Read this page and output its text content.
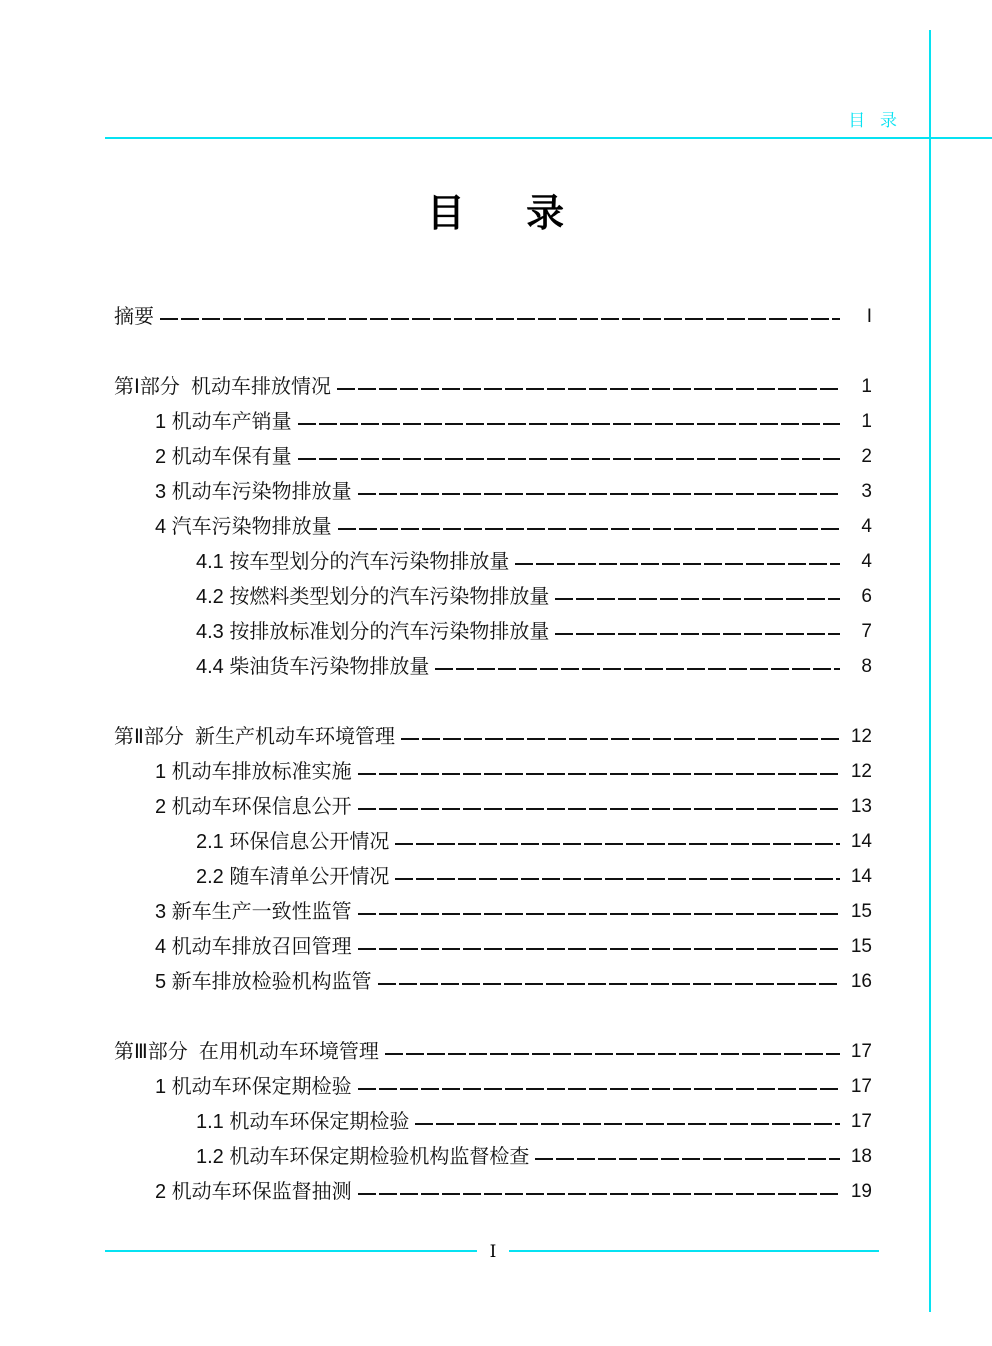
目 录
目 录
摘要	I
第Ⅰ部分  机动车排放情况	1
1 机动车产销量	1
2 机动车保有量	2
3 机动车污染物排放量	3
4 汽车污染物排放量	4
4.1 按车型划分的汽车污染物排放量	4
4.2 按燃料类型划分的汽车污染物排放量	6
4.3 按排放标准划分的汽车污染物排放量	7
4.4 柴油货车污染物排放量	8
第Ⅱ部分  新生产机动车环境管理	12
1 机动车排放标准实施	12
2 机动车环保信息公开	13
2.1 环保信息公开情况	14
2.2 随车清单公开情况	14
3 新车生产一致性监管	15
4 机动车排放召回管理	15
5 新车排放检验机构监管	16
第Ⅲ部分  在用机动车环境管理	17
1 机动车环保定期检验	17
1.1 机动车环保定期检验	17
1.2 机动车环保定期检验机构监督检查	18
2 机动车环保监督抽测	19
I
